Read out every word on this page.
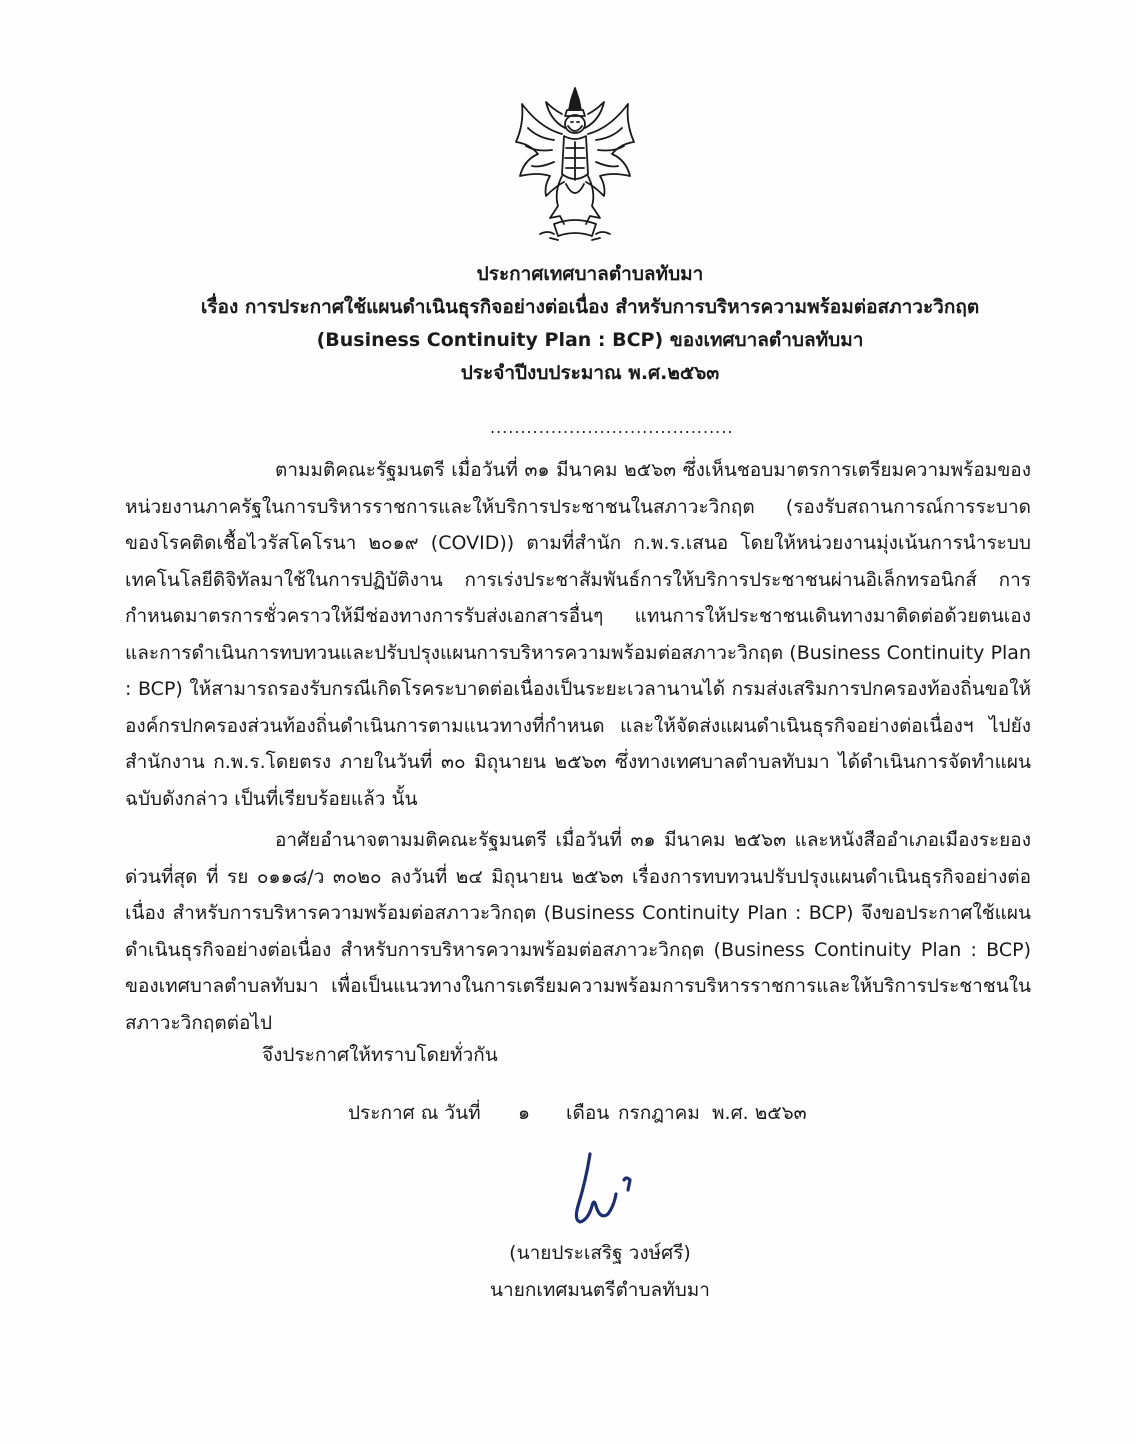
ประกาศเทศบาลตำบลทับมา
เรื่อง การประกาศใช้แผนดำเนินธุรกิจอย่างต่อเนื่อง สำหรับการบริหารความพร้อมต่อสภาวะวิกฤต
(Business Continuity Plan : BCP) ของเทศบาลตำบลทับมา
ประจำปีงบประมาณ พ.ศ.๒๕๖๓
........................................
ตามมติคณะรัฐมนตรี เมื่อวันที่ ๓๑ มีนาคม ๒๕๖๓ ซึ่งเห็นชอบมาตรการเตรียมความพร้อมของหน่วยงานภาครัฐในการบริหารราชการและให้บริการประชาชนในสภาวะวิกฤต (รองรับสถานการณ์การระบาดของโรคติดเชื้อไวรัสโคโรนา ๒๐๑๙ (COVID)) ตามที่สำนัก ก.พ.ร.เสนอ โดยให้หน่วยงานมุ่งเน้นการนำระบบเทคโนโลยีดิจิทัลมาใช้ในการปฏิบัติงาน การเร่งประชาสัมพันธ์การให้บริการประชาชนผ่านอิเล็กทรอนิกส์ การกำหนดมาตรการชั่วคราวให้มีช่องทางการรับส่งเอกสารอื่นๆ แทนการให้ประชาชนเดินทางมาติดต่อด้วยตนเอง และการดำเนินการทบทวนและปรับปรุงแผนการบริหารความพร้อมต่อสภาวะวิกฤต (Business Continuity Plan : BCP) ให้สามารถรองรับกรณีเกิดโรคระบาดต่อเนื่องเป็นระยะเวลานานได้ กรมส่งเสริมการปกครองท้องถิ่นขอให้องค์กรปกครองส่วนท้องถิ่นดำเนินการตามแนวทางที่กำหนด และให้จัดส่งแผนดำเนินธุรกิจอย่างต่อเนื่องฯ ไปยังสำนักงาน ก.พ.ร.โดยตรง ภายในวันที่ ๓๐ มิถุนายน ๒๕๖๓ ซึ่งทางเทศบาลตำบลทับมา ได้ดำเนินการจัดทำแผนฉบับดังกล่าว เป็นที่เรียบร้อยแล้ว นั้น
อาศัยอำนาจตามมติคณะรัฐมนตรี เมื่อวันที่ ๓๑ มีนาคม ๒๕๖๓ และหนังสืออำเภอเมืองระยอง ด่วนที่สุด ที่ รย ๐๑๑๘/ว ๓๐๒๐ ลงวันที่ ๒๔ มิถุนายน ๒๕๖๓ เรื่องการทบทวนปรับปรุงแผนดำเนินธุรกิจอย่างต่อเนื่อง สำหรับการบริหารความพร้อมต่อสภาวะวิกฤต (Business Continuity Plan : BCP) จึงขอประกาศใช้แผนดำเนินธุรกิจอย่างต่อเนื่อง สำหรับการบริหารความพร้อมต่อสภาวะวิกฤต (Business Continuity Plan : BCP) ของเทศบาลตำบลทับมา เพื่อเป็นแนวทางในการเตรียมความพร้อมการบริหารราชการและให้บริการประชาชนในสภาวะวิกฤตต่อไป
จึงประกาศให้ทราบโดยทั่วกัน
ประกาศ ณ วันที่ ๑ เดือน กรกฎาคม พ.ศ. ๒๕๖๓
(นายประเสริฐ วงษ์ศรี)
นายกเทศมนตรีตำบลทับมา
